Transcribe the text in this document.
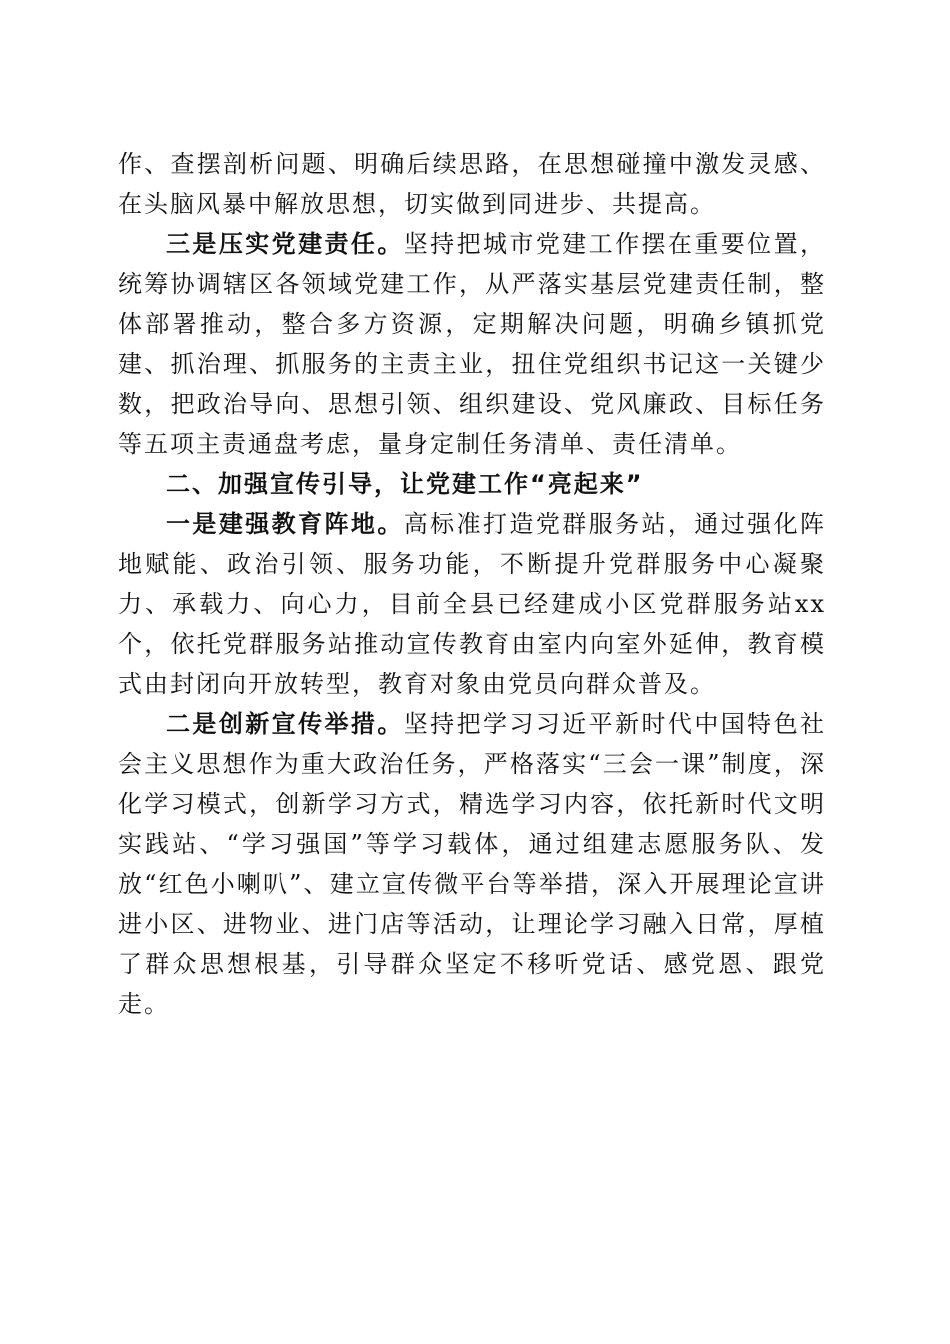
作、查摆剖析问题、明确后续思路，在思想碰撞中激发灵感、在头脑风暴中解放思想，切实做到同进步、共提高。

三是压实党建责任。坚持把城市党建工作摆在重要位置，统筹协调辖区各领域党建工作，从严落实基层党建责任制，整体部署推动，整合多方资源，定期解决问题，明确乡镇抓党建、抓治理、抓服务的主责主业，扭住党组织书记这一关键少数，把政治导向、思想引领、组织建设、党风廉政、目标任务等五项主责通盘考虑，量身定制任务清单、责任清单。

二、加强宣传引导，让党建工作“亮起来”

一是建强教育阵地。高标准打造党群服务站，通过强化阵地赋能、政治引领、服务功能，不断提升党群服务中心凝聚力、承载力、向心力，目前全县已经建成小区党群服务站xx个，依托党群服务站推动宣传教育由室内向室外延伸，教育模式由封闭向开放转型，教育对象由党员向群众普及。

二是创新宣传举措。坚持把学习习近平新时代中国特色社会主义思想作为重大政治任务，严格落实“三会一课”制度，深化学习模式，创新学习方式，精选学习内容，依托新时代文明实践站、“学习强国”等学习载体，通过组建志愿服务队、发放“红色小喇叭”、建立宣传微平台等举措，深入开展理论宣讲进小区、进物业、进门店等活动，让理论学习融入日常，厚植了群众思想根基，引导群众坚定不移听党话、感党恩、跟党走。
